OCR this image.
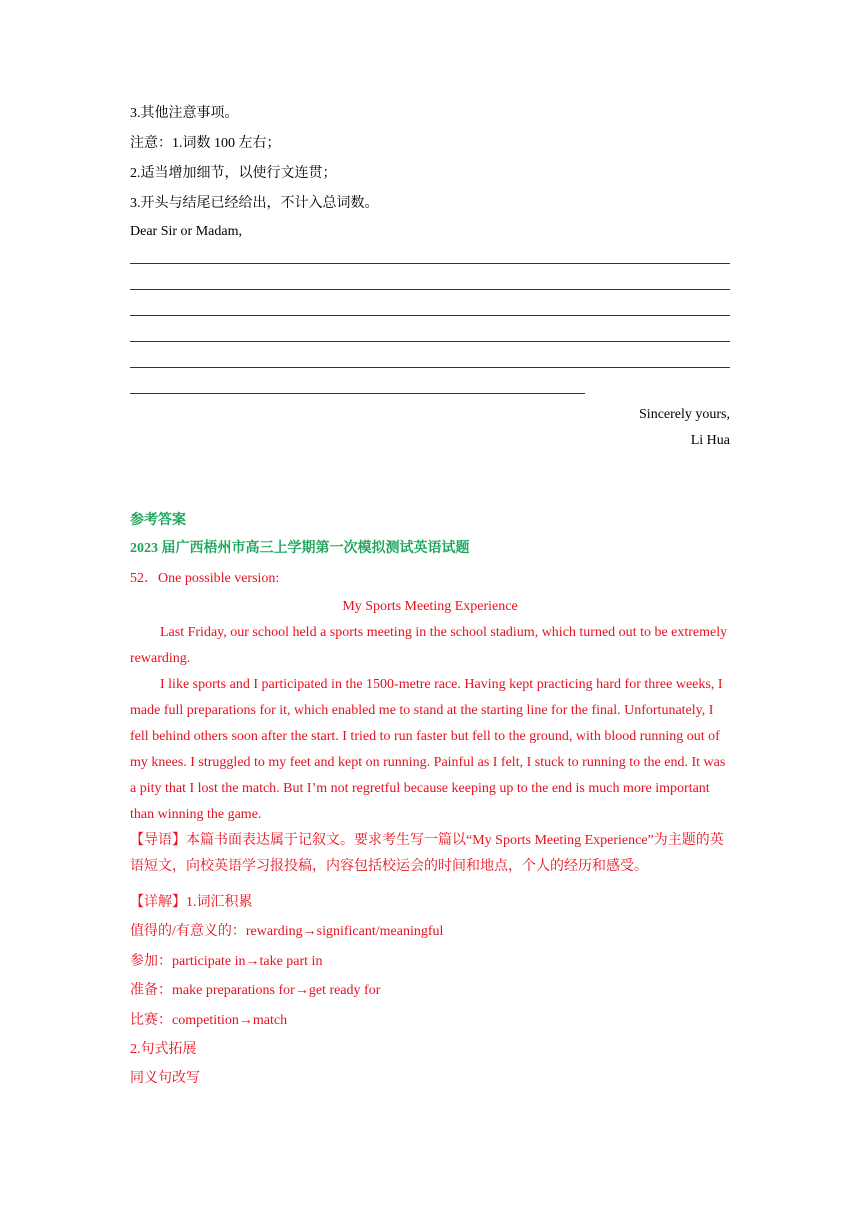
3.其他注意事项。
注意：1.词数 100 左右；
2.适当增加细节，以使行文连贯；
3.开头与结尾已经给出，不计入总词数。
Dear Sir or Madam,
Sincerely yours,
Li Hua
参考答案
2023 届广西梧州市高三上学期第一次模拟测试英语试题
52．One possible version:
My Sports Meeting Experience
Last Friday, our school held a sports meeting in the school stadium, which turned out to be extremely rewarding.
I like sports and I participated in the 1500-metre race. Having kept practicing hard for three weeks, I made full preparations for it, which enabled me to stand at the starting line for the final. Unfortunately, I fell behind others soon after the start. I tried to run faster but fell to the ground, with blood running out of my knees. I struggled to my feet and kept on running. Painful as I felt, I stuck to running to the end. It was a pity that I lost the match. But I’m not regretful because keeping up to the end is much more important than winning the game.
【导语】本篇书面表达属于记叙文。要求考生写一篇以“My Sports Meeting Experience”为主题的英语短文，向校英语学习报投稿，内容包括校运会的时间和地点，个人的经历和感受。
【详解】1.词汇积累
值得的/有意义的：rewarding→significant/meaningful
参加：participate in→take part in
准备：make preparations for→get ready for
比赛：competition→match
2.句式拓展
同义句改写
